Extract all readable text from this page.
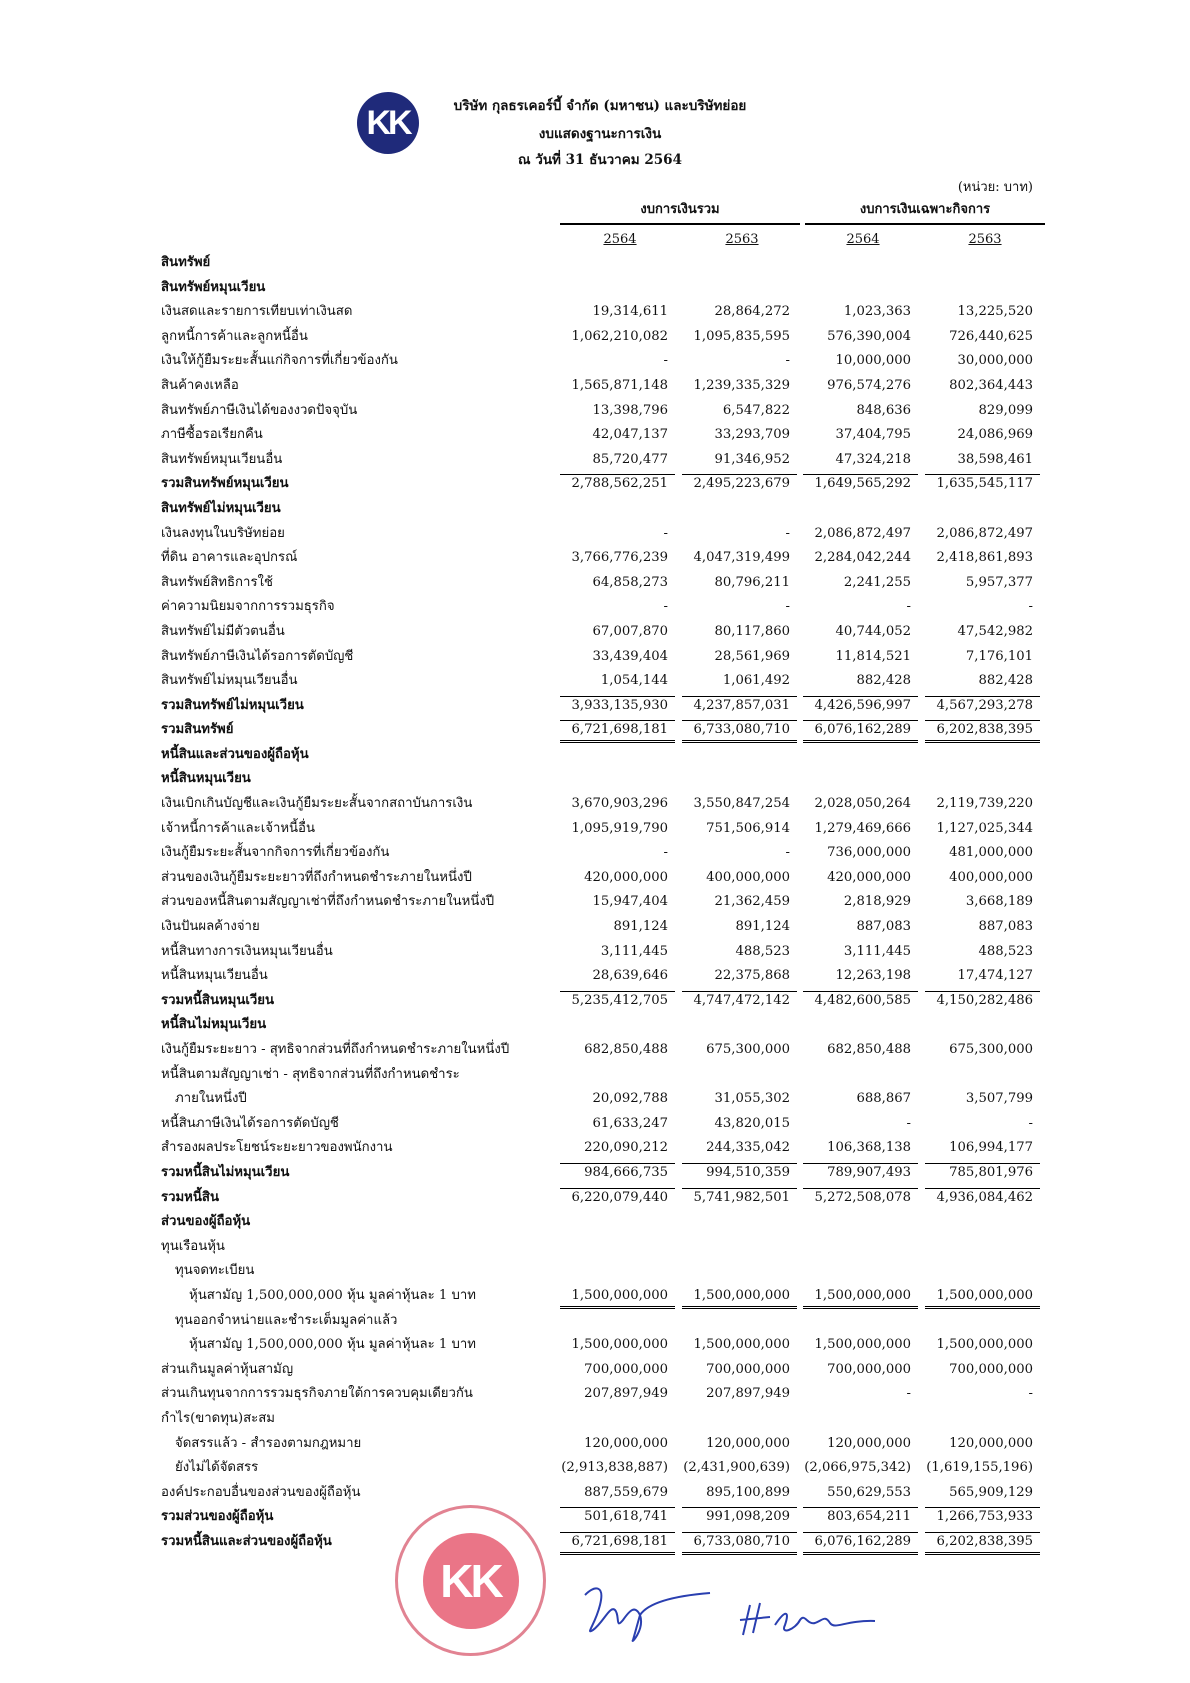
KK	บริษัท กุลธรเคอร์บี้ จำกัด (มหาชน) และบริษัทย่อย
งบแสดงฐานะการเงิน
ณ วันที่ 31 ธันวาคม 2564
(หน่วย: บาท)
งบการเงินรวม	งบการเงินเฉพาะกิจการ
2564	2563	2564	2563
สินทรัพย์
สินทรัพย์หมุนเวียน
เงินสดและรายการเทียบเท่าเงินสด	19,314,611	28,864,272	1,023,363	13,225,520
ลูกหนี้การค้าและลูกหนี้อื่น	1,062,210,082 1,095,835,595	576,390,004	726,440,625
เงินให้กู้ยืมระยะสั้นแก่กิจการที่เกี่ยวข้องกัน	-	-	10,000,000	30,000,000
สินค้าคงเหลือ	1,565,871,148 1,239,335,329	976,574,276	802,364,443
สินทรัพย์ภาษีเงินได้ของงวดปัจจุบัน	13,398,796	6,547,822	848,636	829,099
ภาษีซื้อรอเรียกคืน	42,047,137	33,293,709	37,404,795	24,086,969
สินทรัพย์หมุนเวียนอื่น	85,720,477	91,346,952	47,324,218	38,598,461
รวมสินทรัพย์หมุนเวียน	2,788,562,251 2,495,223,679 1,649,565,292 1,635,545,117
สินทรัพย์ไม่หมุนเวียน
เงินลงทุนในบริษัทย่อย	-	- 2,086,872,497 2,086,872,497
ที่ดิน อาคารและอุปกรณ์	3,766,776,239 4,047,319,499 2,284,042,244 2,418,861,893
สินทรัพย์สิทธิการใช้	64,858,273	80,796,211	2,241,255	5,957,377
ค่าความนิยมจากการรวมธุรกิจ	-	-	-	-
สินทรัพย์ไม่มีตัวตนอื่น	67,007,870	80,117,860	40,744,052	47,542,982
สินทรัพย์ภาษีเงินได้รอการตัดบัญชี	33,439,404	28,561,969	11,814,521	7,176,101
สินทรัพย์ไม่หมุนเวียนอื่น	1,054,144	1,061,492	882,428	882,428
รวมสินทรัพย์ไม่หมุนเวียน	3,933,135,930 4,237,857,031 4,426,596,997 4,567,293,278
รวมสินทรัพย์	6,721,698,181 6,733,080,710 6,076,162,289 6,202,838,395
หนี้สินและส่วนของผู้ถือหุ้น
หนี้สินหมุนเวียน
เงินเบิกเกินบัญชีและเงินกู้ยืมระยะสั้นจากสถาบันการเงิน	3,670,903,296 3,550,847,254 2,028,050,264 2,119,739,220
เจ้าหนี้การค้าและเจ้าหนี้อื่น	1,095,919,790	751,506,914 1,279,469,666 1,127,025,344
เงินกู้ยืมระยะสั้นจากกิจการที่เกี่ยวข้องกัน	-	-	736,000,000	481,000,000
ส่วนของเงินกู้ยืมระยะยาวที่ถึงกำหนดชำระภายในหนึ่งปี	420,000,000	400,000,000	420,000,000	400,000,000
ส่วนของหนี้สินตามสัญญาเช่าที่ถึงกำหนดชำระภายในหนึ่งปี	15,947,404	21,362,459	2,818,929	3,668,189
เงินปันผลค้างจ่าย	891,124	891,124	887,083	887,083
หนี้สินทางการเงินหมุนเวียนอื่น	3,111,445	488,523	3,111,445	488,523
หนี้สินหมุนเวียนอื่น	28,639,646	22,375,868	12,263,198	17,474,127
รวมหนี้สินหมุนเวียน	5,235,412,705 4,747,472,142 4,482,600,585 4,150,282,486
หนี้สินไม่หมุนเวียน
เงินกู้ยืมระยะยาว - สุทธิจากส่วนที่ถึงกำหนดชำระภายในหนึ่งปี	682,850,488	675,300,000	682,850,488	675,300,000
หนี้สินตามสัญญาเช่า - สุทธิจากส่วนที่ถึงกำหนดชำระ
ภายในหนึ่งปี	20,092,788	31,055,302	688,867	3,507,799
หนี้สินภาษีเงินได้รอการตัดบัญชี	61,633,247	43,820,015	-	-
สำรองผลประโยชน์ระยะยาวของพนักงาน	220,090,212	244,335,042	106,368,138	106,994,177
รวมหนี้สินไม่หมุนเวียน	984,666,735	994,510,359	789,907,493	785,801,976
รวมหนี้สิน	6,220,079,440 5,741,982,501 5,272,508,078 4,936,084,462
ส่วนของผู้ถือหุ้น
ทุนเรือนหุ้น
ทุนจดทะเบียน
หุ้นสามัญ 1,500,000,000 หุ้น มูลค่าหุ้นละ 1 บาท	1,500,000,000 1,500,000,000 1,500,000,000 1,500,000,000
ทุนออกจำหน่ายและชำระเต็มมูลค่าแล้ว
หุ้นสามัญ 1,500,000,000 หุ้น มูลค่าหุ้นละ 1 บาท	1,500,000,000 1,500,000,000 1,500,000,000 1,500,000,000
ส่วนเกินมูลค่าหุ้นสามัญ	700,000,000	700,000,000	700,000,000	700,000,000
ส่วนเกินทุนจากการรวมธุรกิจภายใต้การควบคุมเดียวกัน	207,897,949	207,897,949	-	-
กำไร(ขาดทุน)สะสม
จัดสรรแล้ว - สำรองตามกฎหมาย	120,000,000	120,000,000	120,000,000	120,000,000
ยังไม่ได้จัดสรร	(2,913,838,887) (2,431,900,639) (2,066,975,342) (1,619,155,196)
องค์ประกอบอื่นของส่วนของผู้ถือหุ้น	887,559,679	895,100,899	550,629,553	565,909,129
รวมส่วนของผู้ถือหุ้น	501,618,741	991,098,209	803,654,211 1,266,753,933
รวมหนี้สินและส่วนของผู้ถือหุ้น	6,721,698,181 6,733,080,710 6,076,162,289 6,202,838,395
KK
